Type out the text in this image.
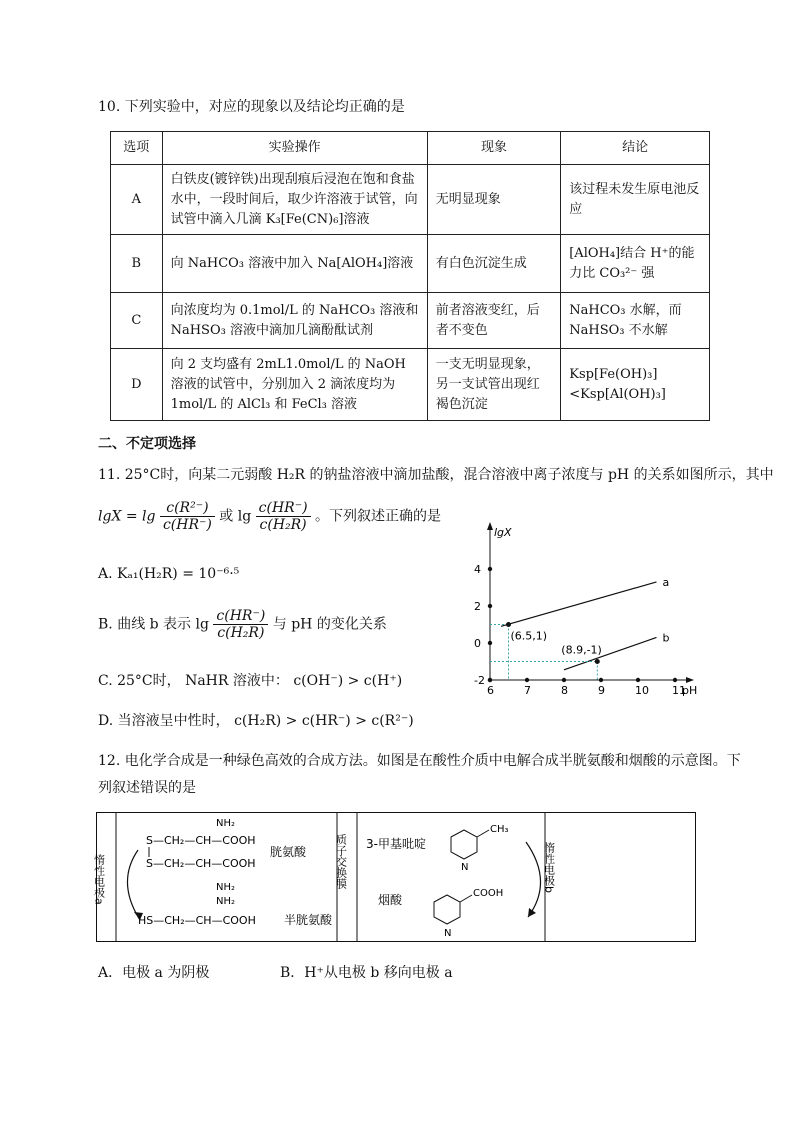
10. 下列实验中，对应的现象以及结论均正确的是
选项	实验操作	现象	结论
A	白铁皮(镀锌铁)出现刮痕后浸泡在饱和食盐水中，一段时间后，取少许溶液于试管，向试管中滴入几滴 K₃[Fe(CN)₆]溶液	无明显现象	该过程未发生原电池反应
B	向 NaHCO₃ 溶液中加入 Na[AlOH₄]溶液	有白色沉淀生成	[AlOH₄]结合 H⁺的能力比 CO₃²⁻ 强
C	向浓度均为 0.1mol/L 的 NaHCO₃ 溶液和 NaHSO₃ 溶液中滴加几滴酚酞试剂	前者溶液变红，后者不变色	NaHCO₃ 水解，而 NaHSO₃ 不水解
D	向 2 支均盛有 2mL1.0mol/L 的 NaOH 溶液的试管中，分别加入 2 滴浓度均为 1mol/L 的 AlCl₃ 和 FeCl₃ 溶液	一支无明显现象，另一支试管出现红褐色沉淀	Ksp[Fe(OH)₃]<Ksp[Al(OH)₃]
二、不定项选择
11. 25°C时，向某二元弱酸 H₂R 的钠盐溶液中滴加盐酸，混合溶液中离子浓度与 pH 的关系如图所示，其中
$\lg X = \lg \frac{\text{c(R²⁻)}}{c(HR^-)}$ 或 $\lg \frac{c(HR^-)}{\text{c(H₂R)}}$ 。下列叙述正确的是
A. Kₐ₁(H₂R) = 10⁻⁶·⁵
B. 曲线 b 表示 $\lg \frac{c(HR^-)}{\text{c(H₂R)}}$ 与 pH 的变化关系
C. 25°C时， NaHR 溶液中： c(OH⁻) > c(H⁺)
D. 当溶液呈中性时， c(H₂R) > c(HR⁻) > c(R²⁻)
lgX
pH
6	7	8	9	10 11
-2
0
2
4
a
b
(6.5,1)
(8.9,-1)
12. 电化学合成是一种绿色高效的合成方法。如图是在酸性介质中电解合成半胱氨酸和烟酸的示意图。下
列叙述错误的是
惰性电极a	质子交换膜	惰性电极b
NH₂
S—CH₂—CH—COOH
S—CH₂—CH—COOH
胱氨酸
NH₂
NH₂
HS—CH₂—CH—COOH 半胱氨酸
3-甲基吡啶
CH₃
N
烟酸	COOH
N
A．电极 a 为阴极	B．H⁺从电极 b 移向电极 a
